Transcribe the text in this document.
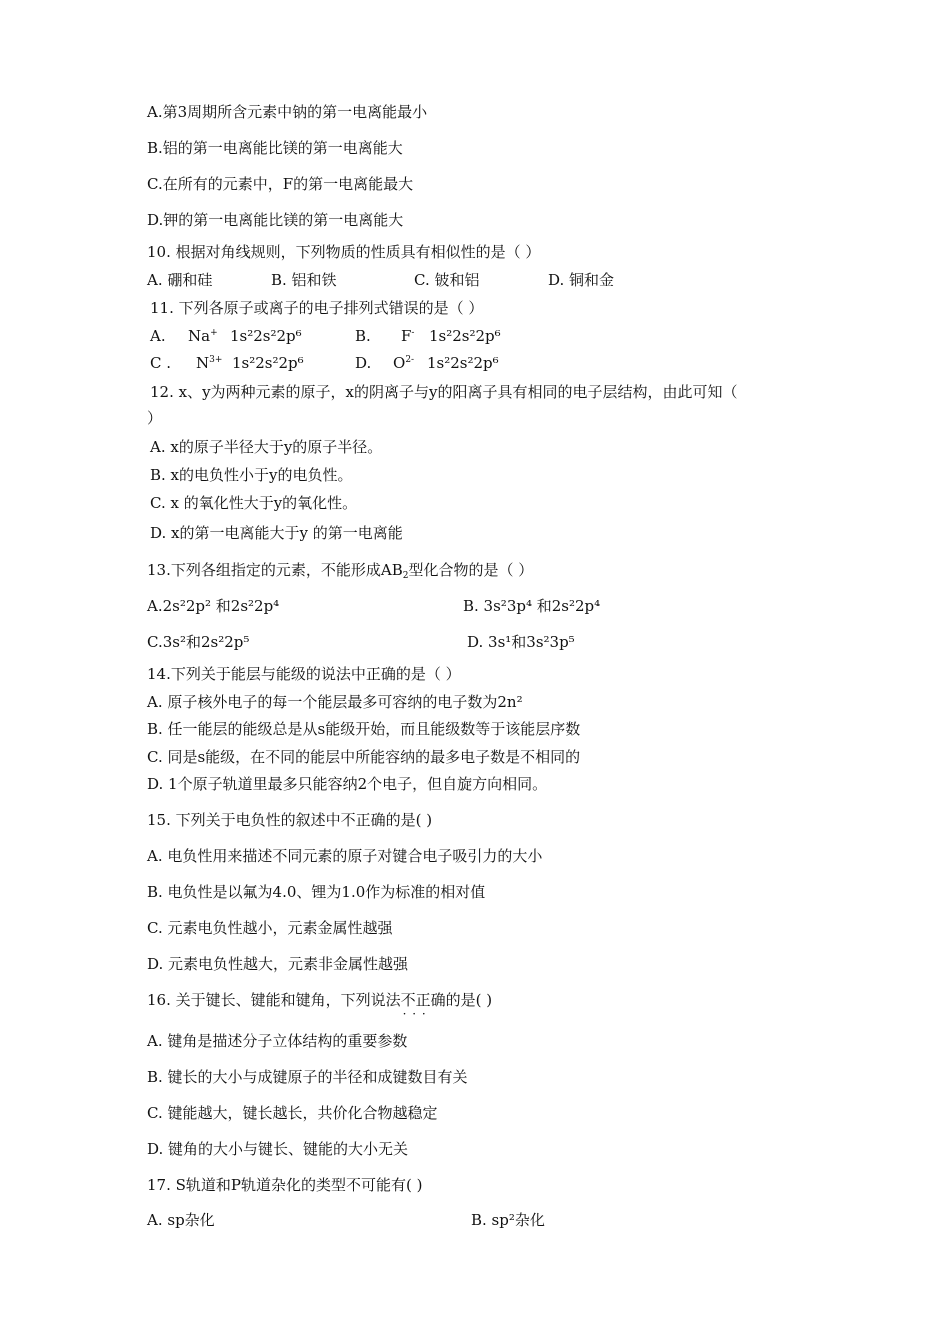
A.第3周期所含元素中钠的第一电离能最小
B.铝的第一电离能比镁的第一电离能大
C.在所有的元素中，F的第一电离能最大
D.钾的第一电离能比镁的第一电离能大
10. 根据对角线规则，下列物质的性质具有相似性的是（ ）
A. 硼和硅	B. 铝和铁	C. 铍和铝	D. 铜和金
11. 下列各原子或离子的电子排列式错误的是（ ）
A. Na+ 1s²2s²2p⁶	B. F- 1s²2s²2p⁶
C . $N^{3+}$ 1s²2s²2p⁶	D. $O^{2-}$ 1s²2s²2p⁶
12. x、y为两种元素的原子，x的阴离子与y的阳离子具有相同的电子层结构，由此可知（
）
A. x的原子半径大于y的原子半径。
B. x的电负性小于y的电负性。
C. x 的氧化性大于y的氧化性。
D. x的第一电离能大于y 的第一电离能
13.下列各组指定的元素，不能形成$AB_2$型化合物的是（ ）
A.2s²2p² 和2s²2p⁴	B. 3s²3p⁴ 和2s²2p⁴
C.3s²和2s²2p⁵	D. 3s¹和3s²3p⁵
14.下列关于能层与能级的说法中正确的是（ ）
A. 原子核外电子的每一个能层最多可容纳的电子数为2n²
B. 任一能层的能级总是从s能级开始，而且能级数等于该能层序数
C. 同是s能级，在不同的能层中所能容纳的最多电子数是不相同的
D. 1个原子轨道里最多只能容纳2个电子，但自旋方向相同。
15. 下列关于电负性的叙述中不正确的是( )
A. 电负性用来描述不同元素的原子对键合电子吸引力的大小
B. 电负性是以氟为4.0、锂为1.0作为标准的相对值
C. 元素电负性越小，元素金属性越强
D. 元素电负性越大，元素非金属性越强
16. 关于键长、键能和键角，下列说法不正确 · · ·的是( )
A. 键角是描述分子立体结构的重要参数
B. 键长的大小与成键原子的半径和成键数目有关
C. 键能越大，键长越长，共价化合物越稳定
D. 键角的大小与键长、键能的大小无关
17. S轨道和P轨道杂化的类型不可能有( )
A. sp杂化	B. sp²杂化
